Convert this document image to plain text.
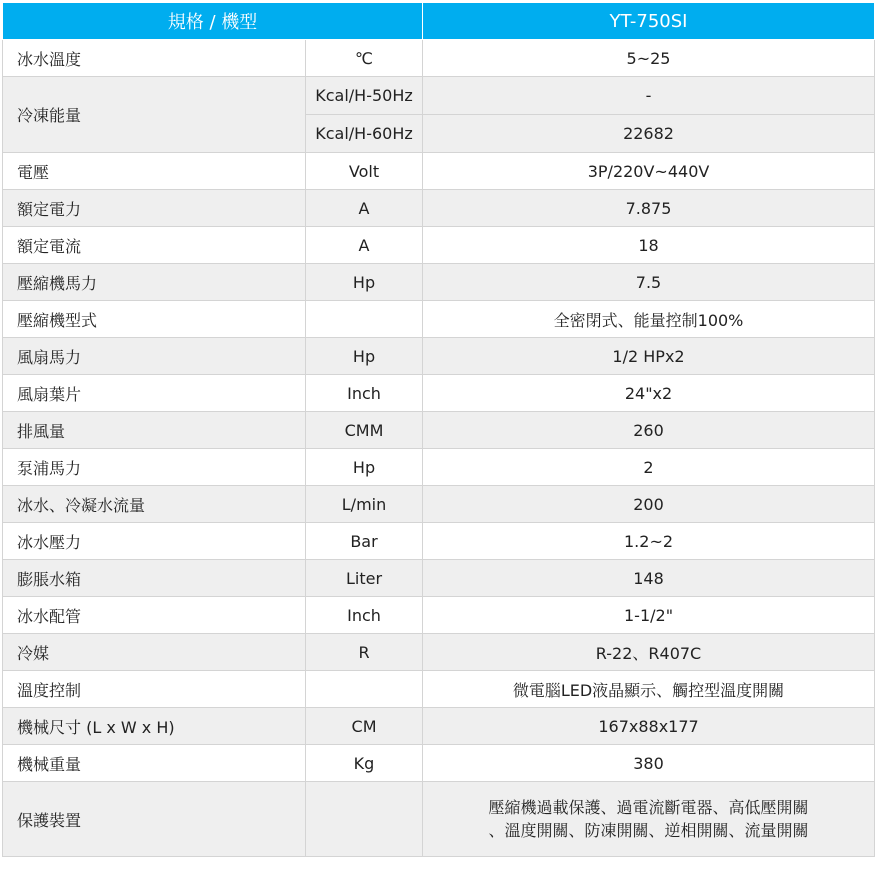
規格 / 機型		YT-750SI
冰水溫度	℃	5~25
冷凍能量	Kcal/H-50Hz	-
	Kcal/H-60Hz	22682
電壓	Volt	3P/220V~440V
額定電力	A	7.875
額定電流	A	18
壓縮機馬力	Hp	7.5
壓縮機型式		全密閉式、能量控制100%
風扇馬力	Hp	1/2 HPx2
風扇葉片	Inch	24"x2
排風量	CMM	260
泵浦馬力	Hp	2
冰水、冷凝水流量	L/min	200
冰水壓力	Bar	1.2~2
膨脹水箱	Liter	148
冰水配管	Inch	1-1/2"
冷媒	R	R-22、R407C
溫度控制		微電腦LED液晶顯示、觸控型溫度開關
機械尺寸 (L x W x H)	CM	167x88x177
機械重量	Kg	380
保護裝置		壓縮機過載保護、過電流斷電器、高低壓開關
、溫度開關、防凍開關、逆相開關、流量開關
